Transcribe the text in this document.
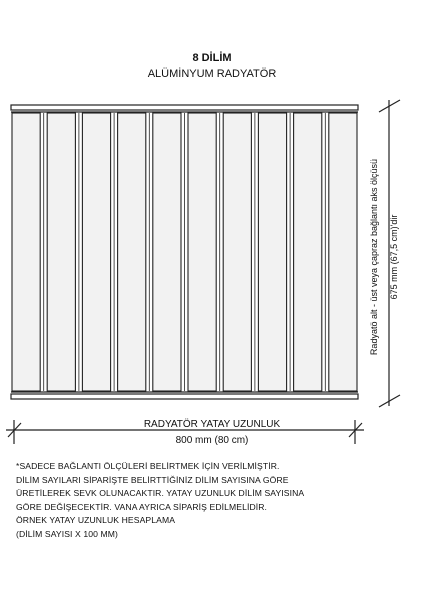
8 DİLİM
ALÜMİNYUM RADYATÖR
Radyatö alt - üst veya çapraz bağlantı aks ölçüsü 675 mm (67,5 cm)'dir
RADYATÖR YATAY UZUNLUK
800 mm (80 cm)
*SADECE BAĞLANTI ÖLÇÜLERİ BELİRTMEK İÇİN VERİLMİŞTİR.
DİLİM SAYILARI SİPARİŞTE BELİRTTİĞİNİZ DİLİM SAYISINA GÖRE
ÜRETİLEREK SEVK OLUNACAKTIR. YATAY UZUNLUK DİLİM SAYISINA
GÖRE DEĞİŞECEKTİR. VANA AYRICA SİPARİŞ EDİLMELİDİR.
ÖRNEK YATAY UZUNLUK HESAPLAMA
(DİLİM SAYISI X 100 MM)
